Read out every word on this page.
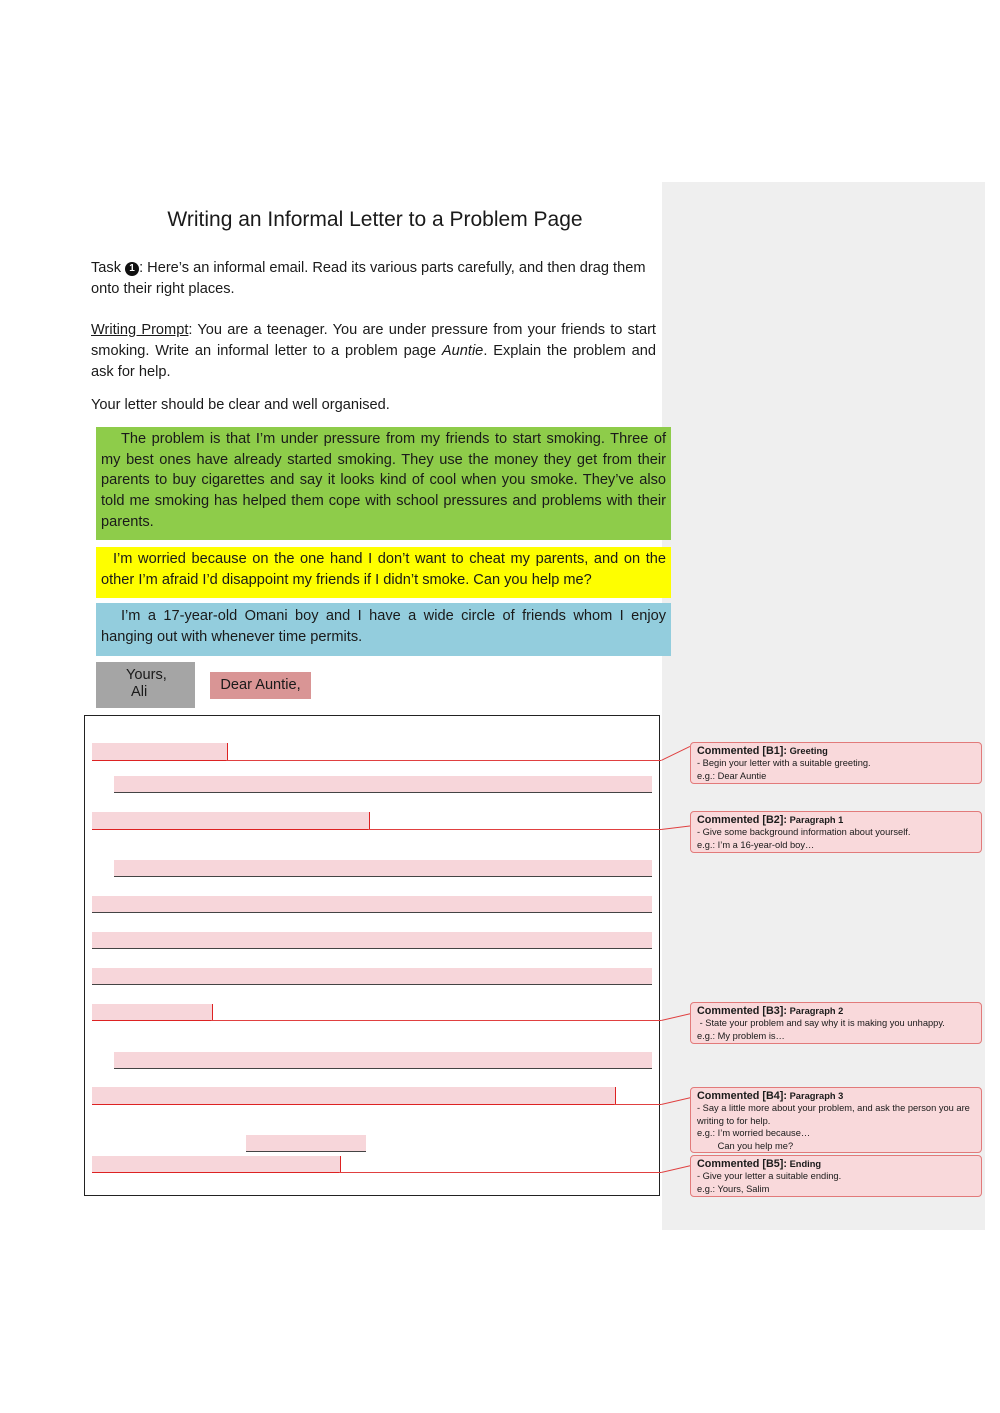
Writing an Informal Letter to a Problem Page
Task 1 : Here’s an informal email. Read its various parts carefully, and then drag them onto their right places.
Writing Prompt: You are a teenager. You are under pressure from your friends to start smoking. Write an informal letter to a problem page Auntie. Explain the problem and ask for help.
Your letter should be clear and well organised.

The problem is that I’m under pressure from my friends to start smoking. Three of my best ones have already started smoking. They use the money they get from their parents to buy cigarettes and say it looks kind of cool when you smoke. They’ve also told me smoking has helped them cope with school pressures and problems with their parents.

I’m worried because on the one hand I don’t want to cheat my parents, and on the other I’m afraid I’d disappoint my friends if I didn’t smoke. Can you help me?

I’m a 17-year-old Omani boy and I have a wide circle of friends whom I enjoy hanging out with whenever time permits.

Yours,
Ali	Dear Auntie,
Commented [B1]: Greeting
- Begin your letter with a suitable greeting.
e.g.: Dear Auntie
Commented [B2]: Paragraph 1
- Give some background information about yourself.
e.g.: I’m a 16-year-old boy…
Commented [B3]: Paragraph 2
- State your problem and say why it is making you unhappy.
e.g.: My problem is…
Commented [B4]: Paragraph 3
- Say a little more about your problem, and ask the person you are writing to for help.
e.g.: I’m worried because…
Can you help me?
Commented [B5]: Ending
- Give your letter a suitable ending.
e.g.: Yours, Salim
